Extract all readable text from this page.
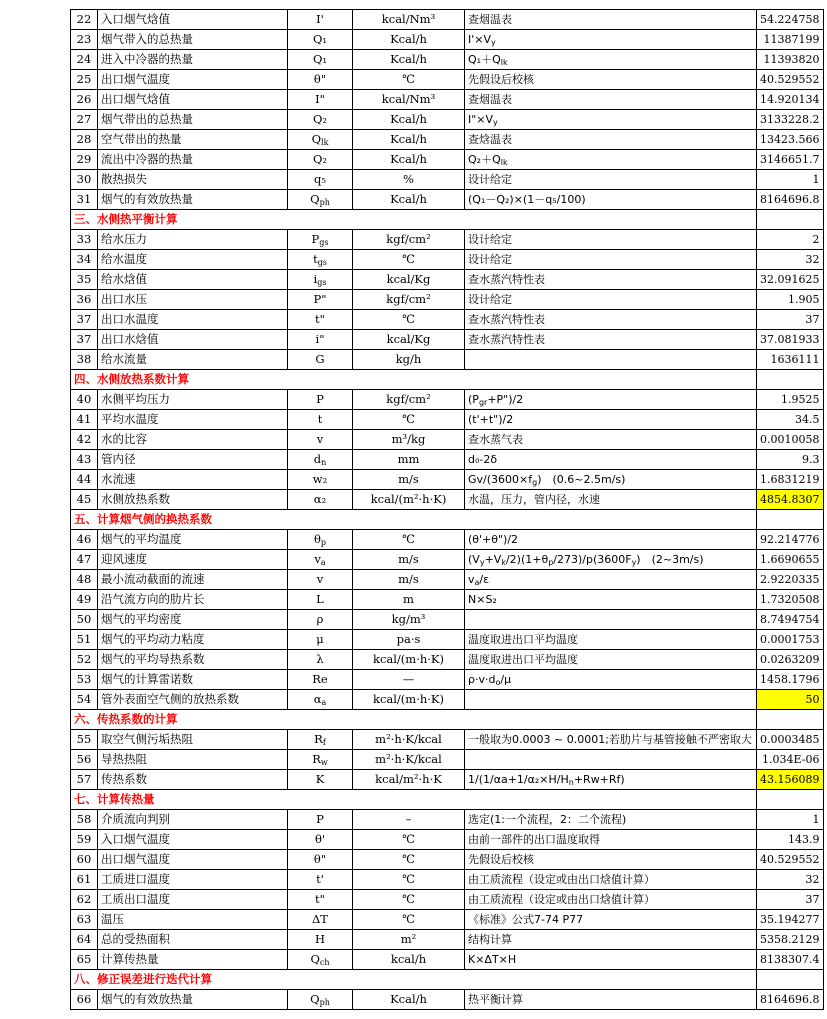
22	入口烟气焓值	I'	kcal/Nm³	查烟温表	54.224758
23	烟气带入的总热量	Q₁	Kcal/h	$I'\times V_y$	11387199
24	进入中冷器的热量	Q₁	Kcal/h	$Q_1+Q_{lk}$	11393820
25	出口烟气温度	θ"	℃	先假设后校核	40.529552
26	出口烟气焓值	I"	kcal/Nm³	查烟温表	14.920134
27	烟气带出的总热量	Q₂	Kcal/h	$I"\times V_y$	3133228.2
28	空气带出的热量	$Q_{lk}$	Kcal/h	查焓温表	13423.566
29	流出中冷器的热量	Q₂	Kcal/h	$Q_2+Q_{lk}$	3146651.7
30	散热损失	q₅	%	设计给定	1
31	烟气的有效放热量	$Q_{ph}$	Kcal/h	(Q₁－Q₂)×(1－q₅/100)	8164696.8
三、水侧热平衡计算					
33	给水压力	$P_{gs}$	kgf/cm²	设计给定	2
34	给水温度	$t_{gs}$	℃	设计给定	32
35	给水焓值	$i_{gs}$	kcal/Kg	查水蒸汽特性表	32.091625
36	出口水压	P"	kgf/cm²	设计给定	1.905
37	出口水温度	t"	℃	查水蒸汽特性表	37
37	出口水焓值	i"	kcal/Kg	查水蒸汽特性表	37.081933
38	给水流量	G	kg/h		1636111
四、水侧放热系数计算					
40	水侧平均压力	P	kgf/cm²	$(P_{gr}+P")/2$	1.9525
41	平均水温度	t	℃	(t'+t")/2	34.5
42	水的比容	v	m³/kg	查水蒸气表	0.0010058
43	管内径	$d_n$	mm	d₀-2δ	9.3
44	水流速	w₂	m/s	$Gv/(3600\times f_g)$　(0.6~2.5m/s)	1.6831219
45	水侧放热系数	α₂	kcal/(m²·h·K)	水温，压力，管内径，水速	4854.8307
五、计算烟气侧的换热系数					
46	烟气的平均温度	$\theta_p$	℃	(θ'+θ")/2	92.214776
47	迎风速度	$v_a$	m/s	$(V_y+V_k/2)(1+\theta_p/273)/p(3600F_y)$　(2~3m/s)	1.6690655
48	最小流动截面的流速	v	m/s	$v_a/\varepsilon$	2.9220335
49	沿气流方向的肋片长	L	m	N×S₂	1.7320508
50	烟气的平均密度	ρ	kg/m³		8.7494754
51	烟气的平均动力粘度	μ	pa·s	温度取进出口平均温度	0.0001753
52	烟气的平均导热系数	λ	kcal/(m·h·K)	温度取进出口平均温度	0.0263209
53	烟气的计算雷诺数	Re	—	$\rho\cdot v\cdot d_o/\mu$	1458.1796
54	管外表面空气侧的放热系数	$\alpha_a$	kcal/(m·h·K)		50
六、传热系数的计算					
55	取空气侧污垢热阻	$R_f$	m²·h·K/kcal	一般取为0.0003 ~ 0.0001;若肋片与基管接触不严密取大	0.0003485
56	导热热阻	$R_w$	m²·h·K/kcal		1.034E-06
57	传热系数	K	kcal/m²·h·K	$1/(1/\alpha a+1/\alpha_2\times H/H_n+Rw+Rf)$	43.156089
七、计算传热量					
58	介质流向判别	P	–	选定(1:一个流程，2：二个流程)	1
59	入口烟气温度	θ'	℃	由前一部件的出口温度取得	143.9
60	出口烟气温度	θ"	℃	先假设后校核	40.529552
61	工质进口温度	t'	℃	由工质流程（设定或由出口焓值计算）	32
62	工质出口温度	t"	℃	由工质流程（设定或由出口焓值计算）	37
63	温压	ΔT	℃	《标准》公式7-74 P77	35.194277
64	总的受热面积	H	m²	结构计算	5358.2129
65	计算传热量	$Q_{ch}$	kcal/h	K×ΔT×H	8138307.4
八、修正误差进行迭代计算					
66	烟气的有效放热量	$Q_{ph}$	Kcal/h	热平衡计算	8164696.8
